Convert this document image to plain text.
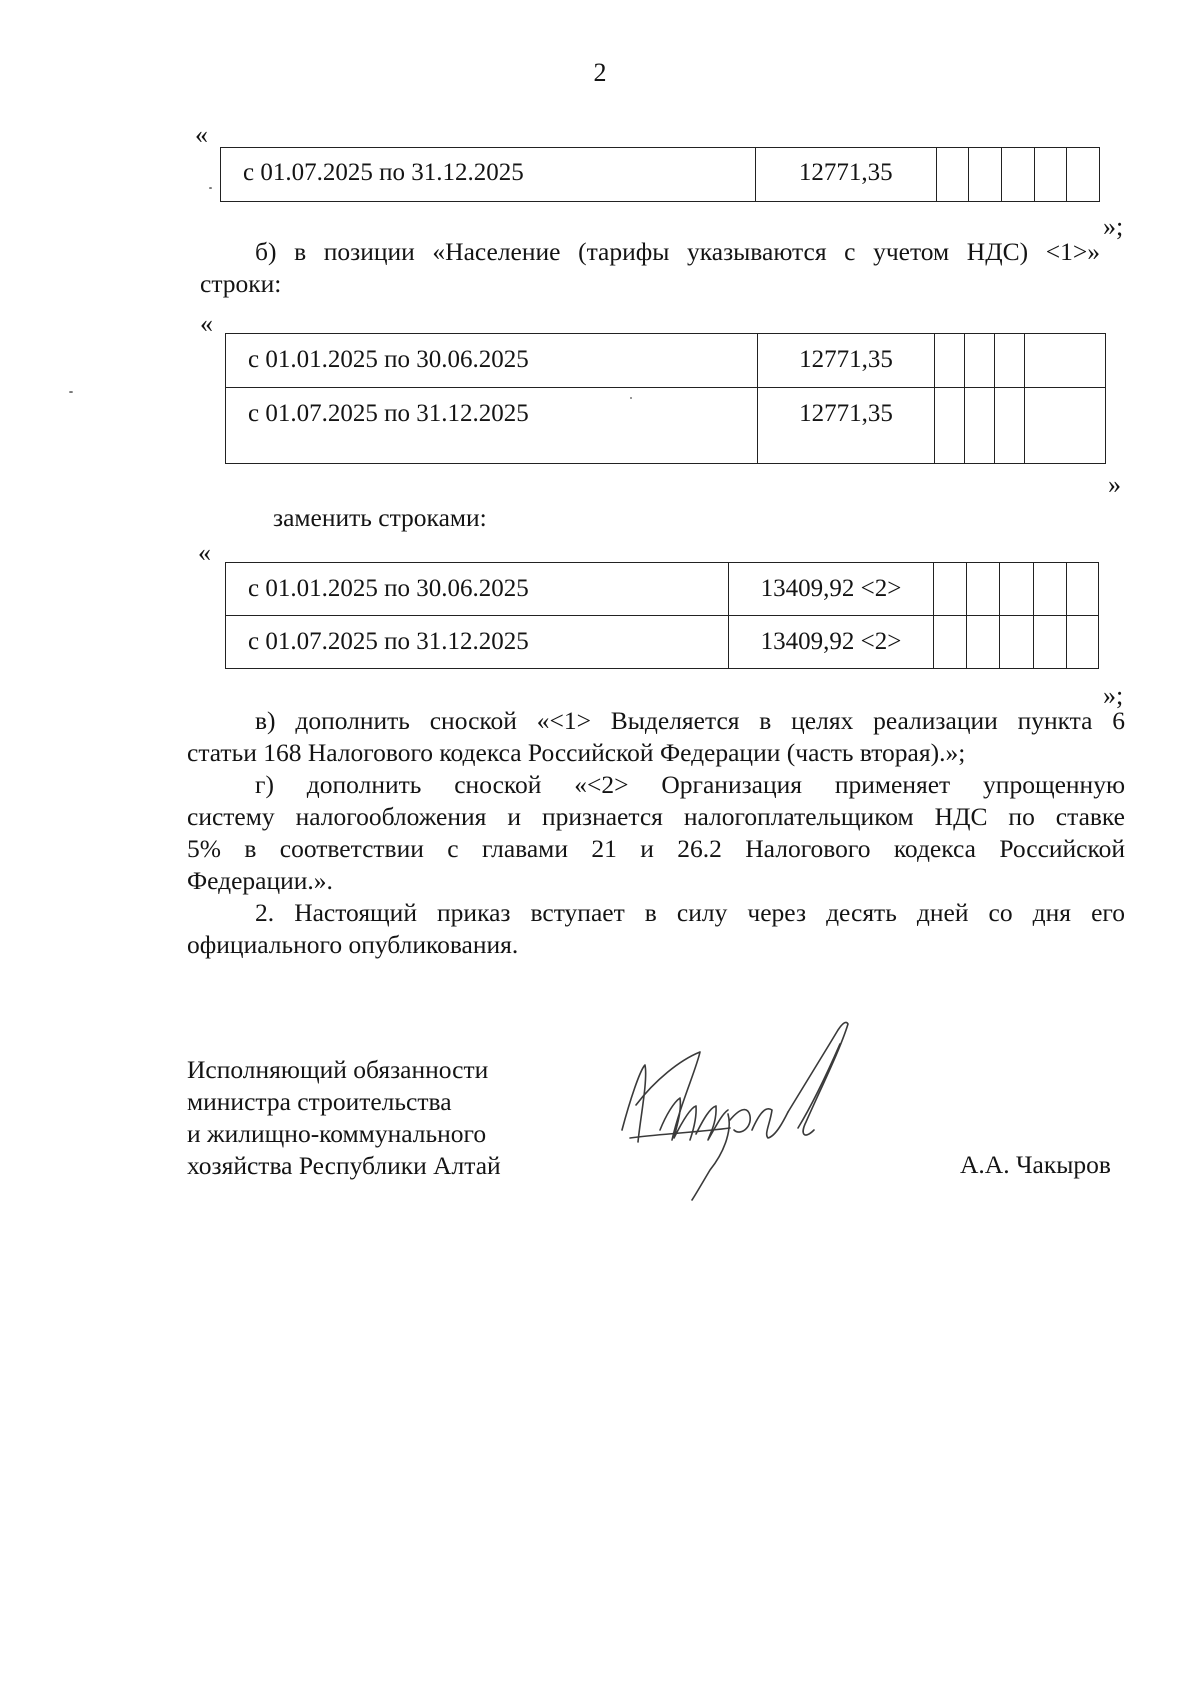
2
«
с 01.07.2025 по 31.12.2025	12771,35					
»;
б) в позиции «Население (тарифы указываются с учетом НДС) <1>»
строки:
«
с 01.01.2025 по 30.06.2025	12771,35				
с 01.07.2025 по 31.12.2025	12771,35				
»
заменить строками:
«
с 01.01.2025 по 30.06.2025	13409,92 <2>					
с 01.07.2025 по 31.12.2025	13409,92 <2>					
»;
в) дополнить сноской «<1> Выделяется в целях реализации пункта 6
статьи 168 Налогового кодекса Российской Федерации (часть вторая).»;
г) дополнить сноской «<2> Организация применяет упрощенную
систему налогообложения и признается налогоплательщиком НДС по ставке
5% в соответствии с главами 21 и 26.2 Налогового кодекса Российской
Федерации.».
2. Настоящий приказ вступает в силу через десять дней со дня его
официального опубликования.
Исполняющий обязанности
министра строительства
и жилищно-коммунального
хозяйства Республики Алтай	А.А. Чакыров
